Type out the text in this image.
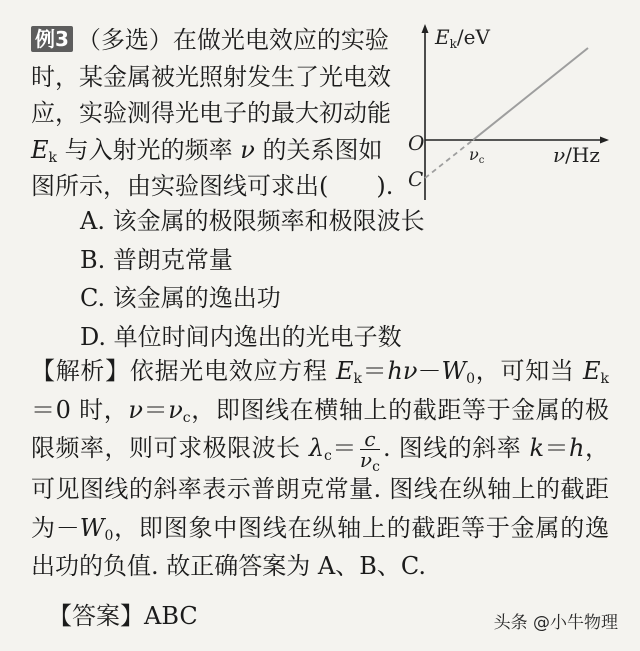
例3 （多选）在做光电效应的实验时，某金属被光照射发生了光电效应，实验测得光电子的最大初动能$E_k$ 与入射光的频率 ν 的关系图如图所示，由实验图线可求出(　　).
$E_k/eV$
O
C
νc	ν/Hz
A. 该金属的极限频率和极限波长
B. 普朗克常量
C. 该金属的逸出功
D. 单位时间内逸出的光电子数
【解析】依据光电效应方程 $E_k=h\nu-W_0$，可知当 $E_k=0$ 时，$\nu=\nu_c$，即图线在横轴上的截距等于金属的极限频率，则可求极限波长 $\lambda_c= \frac{c}{\nu_c}$ . 图线的斜率 k＝h，可见图线的斜率表示普朗克常量. 图线在纵轴上的截距为$-W_0$，即图象中图线在纵轴上的截距等于金属的逸出功的负值. 故正确答案为 A、B、C.
【答案】ABC	头条 @小牛物理
